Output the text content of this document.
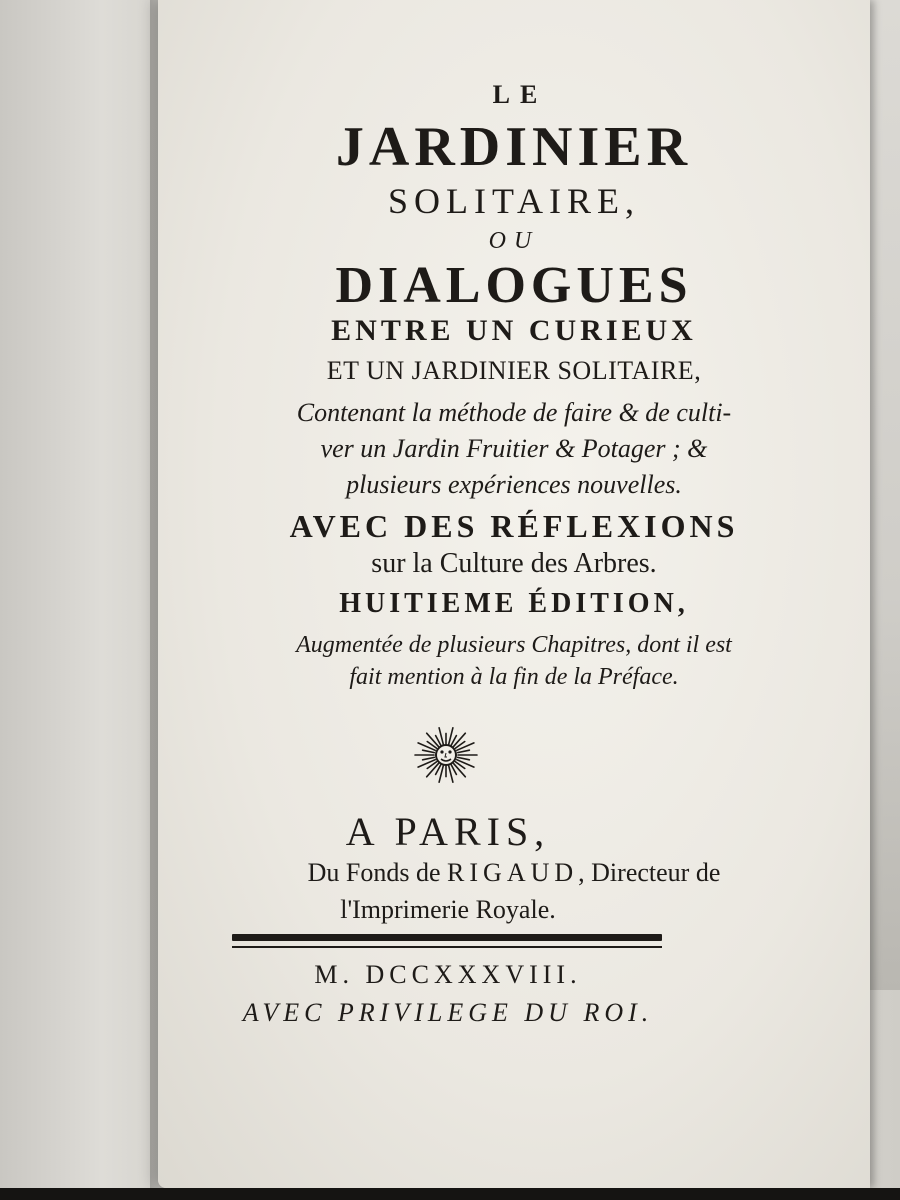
LE
JARDINIER
SOLITAIRE,
OU
DIALOGUES
ENTRE UN CURIEUX
ET UN JARDINIER SOLITAIRE,
Contenant la méthode de faire & de culti-
ver un Jardin Fruitier & Potager ; &
plusieurs expériences nouvelles.
AVEC DES RÉFLEXIONS
sur la Culture des Arbres.
HUITIEME ÉDITION,
Augmentée de plusieurs Chapitres, dont il est
fait mention à la fin de la Préface.
A PARIS,
Du Fonds de RIGAUD, Directeur de
l'Imprimerie Royale.
M. DCCXXXVIII.
AVEC PRIVILEGE DU ROI.
